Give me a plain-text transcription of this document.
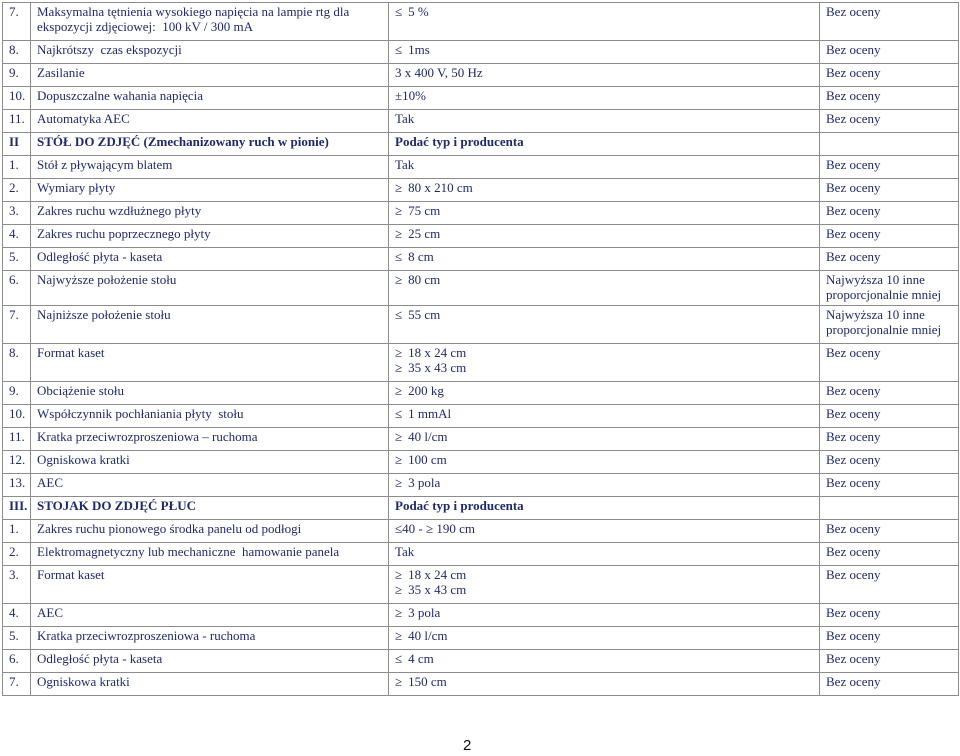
7.	Maksymalna tętnienia wysokiego napięcia na lampie rtg dla
ekspozycji zdjęciowej:  100 kV / 300 mA	≤ 5 %	Bez oceny
8.	Najkrótszy  czas ekspozycji	≤ 1ms	Bez oceny
9.	Zasilanie	3 x 400 V, 50 Hz	Bez oceny
10.	Dopuszczalne wahania napięcia	±10%	Bez oceny
11.	Automatyka AEC	Tak	Bez oceny
II	STÓŁ DO ZDJĘĆ (Zmechanizowany ruch w pionie)	Podać typ i producenta	

1.	Stół z pływającym blatem	Tak	Bez oceny
2.	Wymiary płyty	≥ 80 x 210 cm	Bez oceny
3.	Zakres ruchu wzdłużnego płyty	≥ 75 cm	Bez oceny
4.	Zakres ruchu poprzecznego płyty	≥ 25 cm	Bez oceny
5.	Odległość płyta - kaseta	≤ 8 cm	Bez oceny
6.	Najwyższe położenie stołu	≥ 80 cm	Najwyższa 10 inne
proporcjonalnie mniej
7.	Najniższe położenie stołu	≤ 55 cm	Najwyższa 10 inne
proporcjonalnie mniej
8.	Format kaset	≥ 18 x 24 cm
≥ 35 x 43 cm	Bez oceny
9.	Obciążenie stołu	≥ 200 kg	Bez oceny
10.	Współczynnik pochłaniania płyty  stołu	≤ 1 mmAl	Bez oceny
11.	Kratka przeciwrozproszeniowa – ruchoma	≥ 40 l/cm	Bez oceny
12.	Ogniskowa kratki	≥ 100 cm	Bez oceny
13.	AEC	≥ 3 pola	Bez oceny
III.	STOJAK DO ZDJĘĆ PŁUC	Podać typ i producenta	

1.	Zakres ruchu pionowego środka panelu od podłogi	≤40 - ≥ 190 cm	Bez oceny
2.	Elektromagnetyczny lub mechaniczne  hamowanie panela	Tak	Bez oceny
3.	Format kaset	≥ 18 x 24 cm
≥ 35 x 43 cm	Bez oceny
4.	AEC	≥ 3 pola	Bez oceny
5.	Kratka przeciwrozproszeniowa - ruchoma	≥ 40 l/cm	Bez oceny
6.	Odległość płyta - kaseta	≤ 4 cm	Bez oceny
7.	Ogniskowa kratki	≥ 150 cm	Bez oceny
2
